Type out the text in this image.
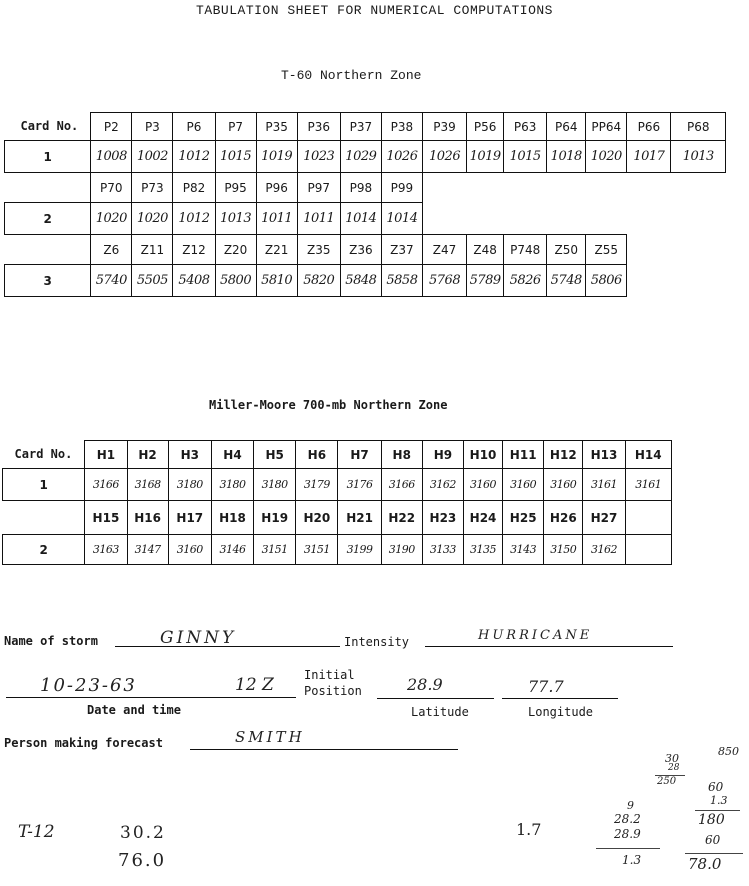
TABULATION SHEET FOR NUMERICAL COMPUTATIONS
T-60 Northern Zone
Card No.	P2	P3	P6	P7	P35	P36	P37	P38	P39	P56	P63	P64	PP64	P66	P68
1	1008	1002	1012	1015	1019	1023	1029	1026	1026	1019	1015	1018	1020	1017	1013
	P70	P73	P82	P95	P96	P97	P98	P99							
2	1020	1020	1012	1013	1011	1011	1014	1014							
	Z6	Z11	Z12	Z20	Z21	Z35	Z36	Z37	Z47	Z48	P748	Z50	Z55		
3	5740	5505	5408	5800	5810	5820	5848	5858	5768	5789	5826	5748	5806		
Miller-Moore 700-mb Northern Zone
Card No.	H1	H2	H3	H4	H5	H6	H7	H8	H9	H10	H11	H12	H13	H14
1	3166	3168	3180	3180	3180	3179	3176	3166	3162	3160	3160	3160	3161	3161
	H15	H16	H17	H18	H19	H20	H21	H22	H23	H24	H25	H26	H27	
2	3163	3147	3160	3146	3151	3151	3199	3190	3133	3135	3143	3150	3162	
Name of storm	GINNY	Intensity	HURRICANE
10-23-63	12 Z	Initial
Position	28.9	77.7
Date and time	Latitude	Longitude
Person making forecast	SMITH
T-12	30.2
76.0
1.7
30
28
250
850
9
28.2
28.9
1.3
60
1.3
180
60
78.0
